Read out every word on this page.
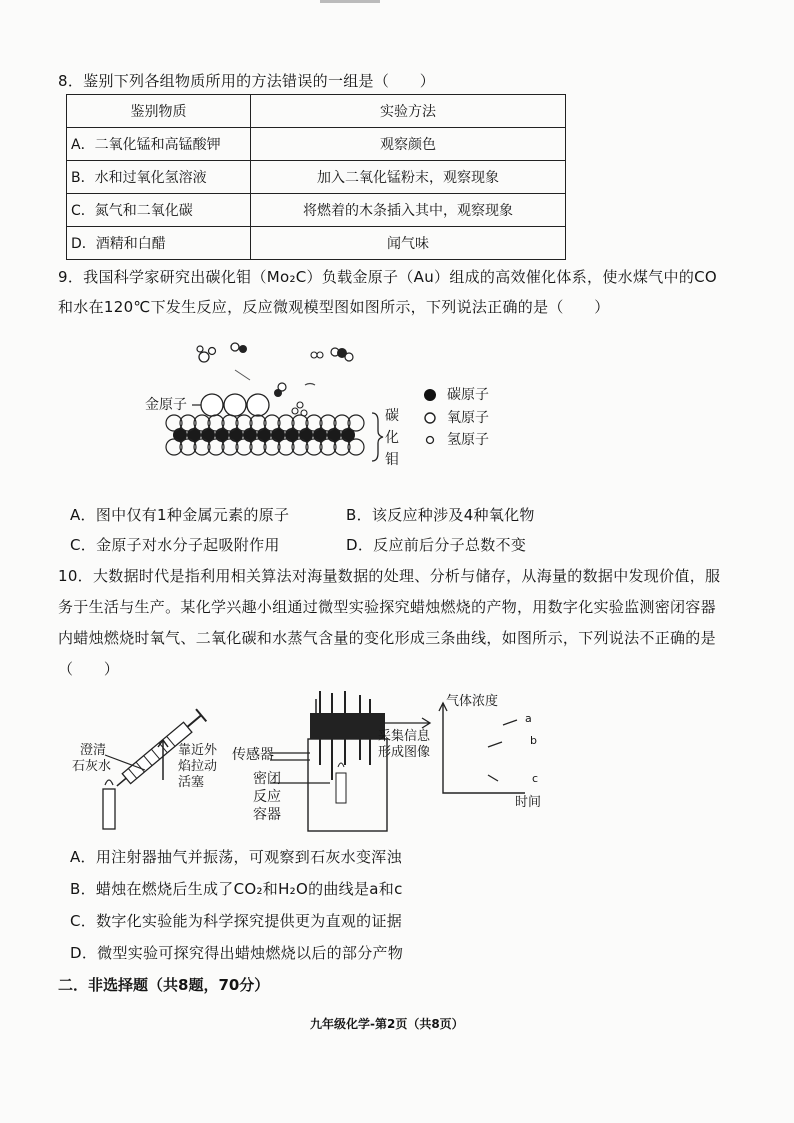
8．鉴别下列各组物质所用的方法错误的一组是（　　）
鉴别物质	实验方法
A．二氧化锰和高锰酸钾	观察颜色
B．水和过氧化氢溶液	加入二氧化锰粉末，观察现象
C．氮气和二氧化碳	将燃着的木条插入其中，观察现象
D．酒精和白醋	闻气味
9．我国科学家研究出碳化钼（Mo₂C）负载金原子（Au）组成的高效催化体系，使水煤气中的CO
和水在120℃下发生反应，反应微观模型图如图所示，下列说法正确的是（　　）
金原子
碳
化
钼
碳原子
氧原子
氢原子
A．图中仅有1种金属元素的原子	B．该反应种涉及4种氧化物
C．金原子对水分子起吸附作用	D．反应前后分子总数不变
10．大数据时代是指利用相关算法对海量数据的处理、分析与储存，从海量的数据中发现价值，服
务于生活与生产。某化学兴趣小组通过微型实验探究蜡烛燃烧的产物，用数字化实验监测密闭容器
内蜡烛燃烧时氧气、二氧化碳和水蒸气含量的变化形成三条曲线，如图所示，下列说法不正确的是
（　　）
澄清
石灰水
靠近外
焰拉动
活塞
传感器
密闭
反应
容器
采集信息
形成图像
气体浓度
a
b
c
时间
A．用注射器抽气并振荡，可观察到石灰水变浑浊
B．蜡烛在燃烧后生成了CO₂和H₂O的曲线是a和c
C．数字化实验能为科学探究提供更为直观的证据
D．微型实验可探究得出蜡烛燃烧以后的部分产物
二．非选择题（共8题，70分）
九年级化学-第2页（共8页）
